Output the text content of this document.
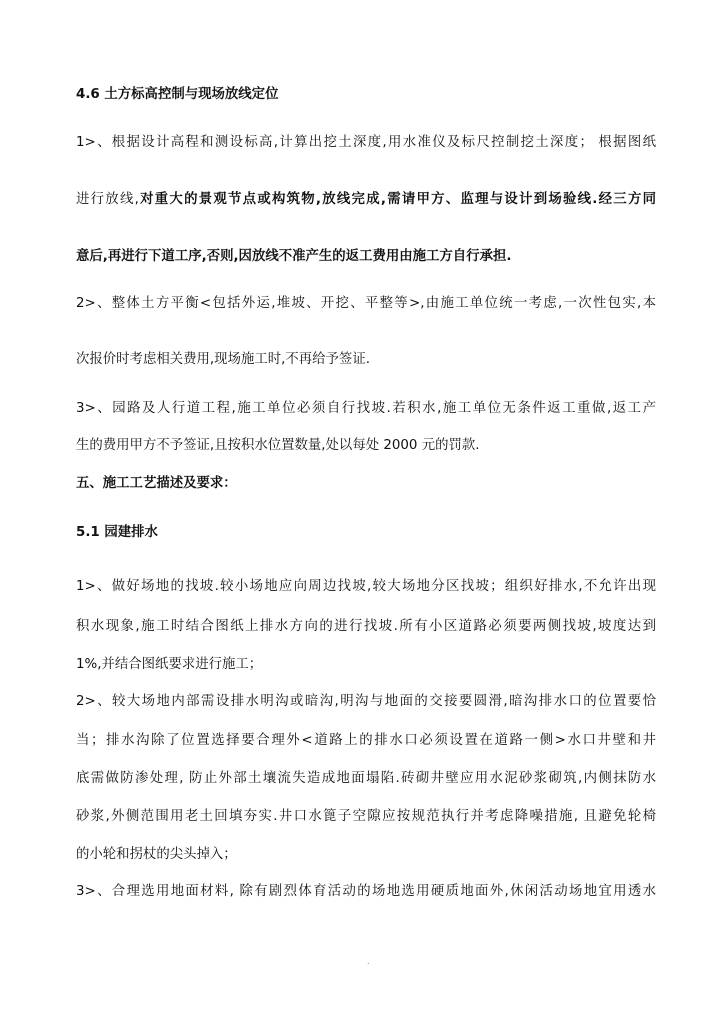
4.6 土方标高控制与现场放线定位
1>、根据设计高程和测设标高,计算出挖土深度,用水准仪及标尺控制挖土深度； 根据图纸
进行放线,对重大的景观节点或构筑物,放线完成,需请甲方、监理与设计到场验线.经三方同
意后,再进行下道工序,否则,因放线不准产生的返工费用由施工方自行承担.
2>、整体土方平衡<包括外运,堆坡、开挖、平整等>,由施工单位统一考虑,一次性包实,本
次报价时考虑相关费用,现场施工时,不再给予签证.
3>、园路及人行道工程,施工单位必须自行找坡.若积水,施工单位无条件返工重做,返工产
生的费用甲方不予签证,且按积水位置数量,处以每处 2000 元的罚款.
五、施工工艺描述及要求：
5.1 园建排水
1>、做好场地的找坡.较小场地应向周边找坡,较大场地分区找坡；组织好排水,不允许出现
积水现象,施工时结合图纸上排水方向的进行找坡.所有小区道路必须要两侧找坡,坡度达到
1%,并结合图纸要求进行施工；
2>、较大场地内部需设排水明沟或暗沟,明沟与地面的交接要圆滑,暗沟排水口的位置要恰
当；排水沟除了位置选择要合理外<道路上的排水口必须设置在道路一侧>水口井壁和井
底需做防渗处理, 防止外部土壤流失造成地面塌陷.砖砌井壁应用水泥砂浆砌筑,内侧抹防水
砂浆,外侧范围用老土回填夯实.井口水篦子空隙应按规范执行并考虑降噪措施, 且避免轮椅
的小轮和拐杖的尖头掉入；
3>、合理选用地面材料, 除有剧烈体育活动的场地选用硬质地面外,休闲活动场地宜用透水
.
